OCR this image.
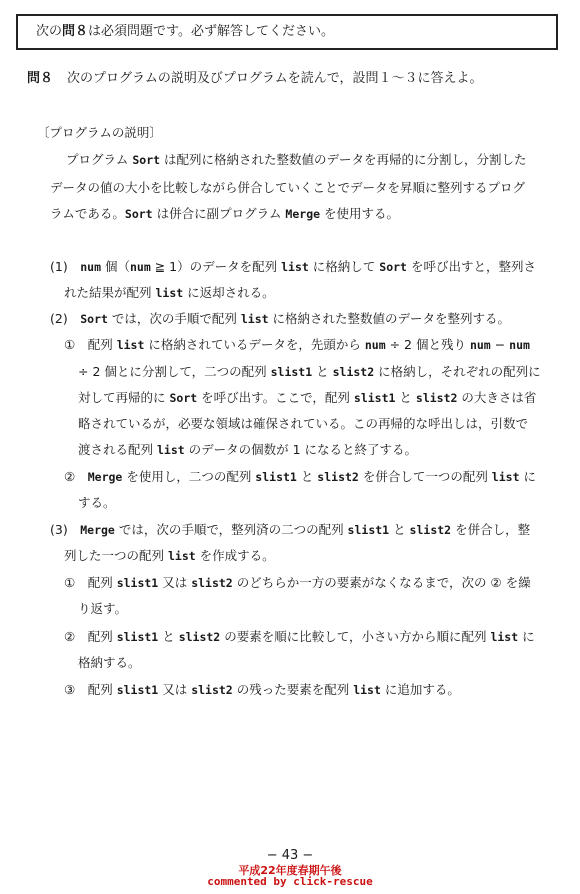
次の問８は必須問題です。必ず解答してください。
問８ 次のプログラムの説明及びプログラムを読んで，設問１〜３に答えよ。
〔プログラムの説明〕
プログラム Sort は配列に格納された整数値のデータを再帰的に分割し，分割した
データの値の大小を比較しながら併合していくことでデータを昇順に整列するプログ
ラムである。Sort は併合に副プログラム Merge を使用する。
(1)　num 個（num ≧ 1）のデータを配列 list に格納して Sort を呼び出すと，整列さ
れた結果が配列 list に返却される。
(2)　Sort では，次の手順で配列 list に格納された整数値のデータを整列する。
①　配列 list に格納されているデータを，先頭から num ÷ 2 個と残り num − num
÷ 2 個とに分割して，二つの配列 slist1 と slist2 に格納し，それぞれの配列に
対して再帰的に Sort を呼び出す。ここで，配列 slist1 と slist2 の大きさは省
略されているが，必要な領域は確保されている。この再帰的な呼出しは，引数で
渡される配列 list のデータの個数が 1 になると終了する。
②　Merge を使用し，二つの配列 slist1 と slist2 を併合して一つの配列 list に
する。
(3)　Merge では，次の手順で，整列済の二つの配列 slist1 と slist2 を併合し，整
列した一つの配列 list を作成する。
①　配列 slist1 又は slist2 のどちらか一方の要素がなくなるまで，次の ② を繰
り返す。
②　配列 slist1 と slist2 の要素を順に比較して，小さい方から順に配列 list に
格納する。
③　配列 slist1 又は slist2 の残った要素を配列 list に追加する。
− 43 −
平成22年度春期午後
commented by click-rescue
